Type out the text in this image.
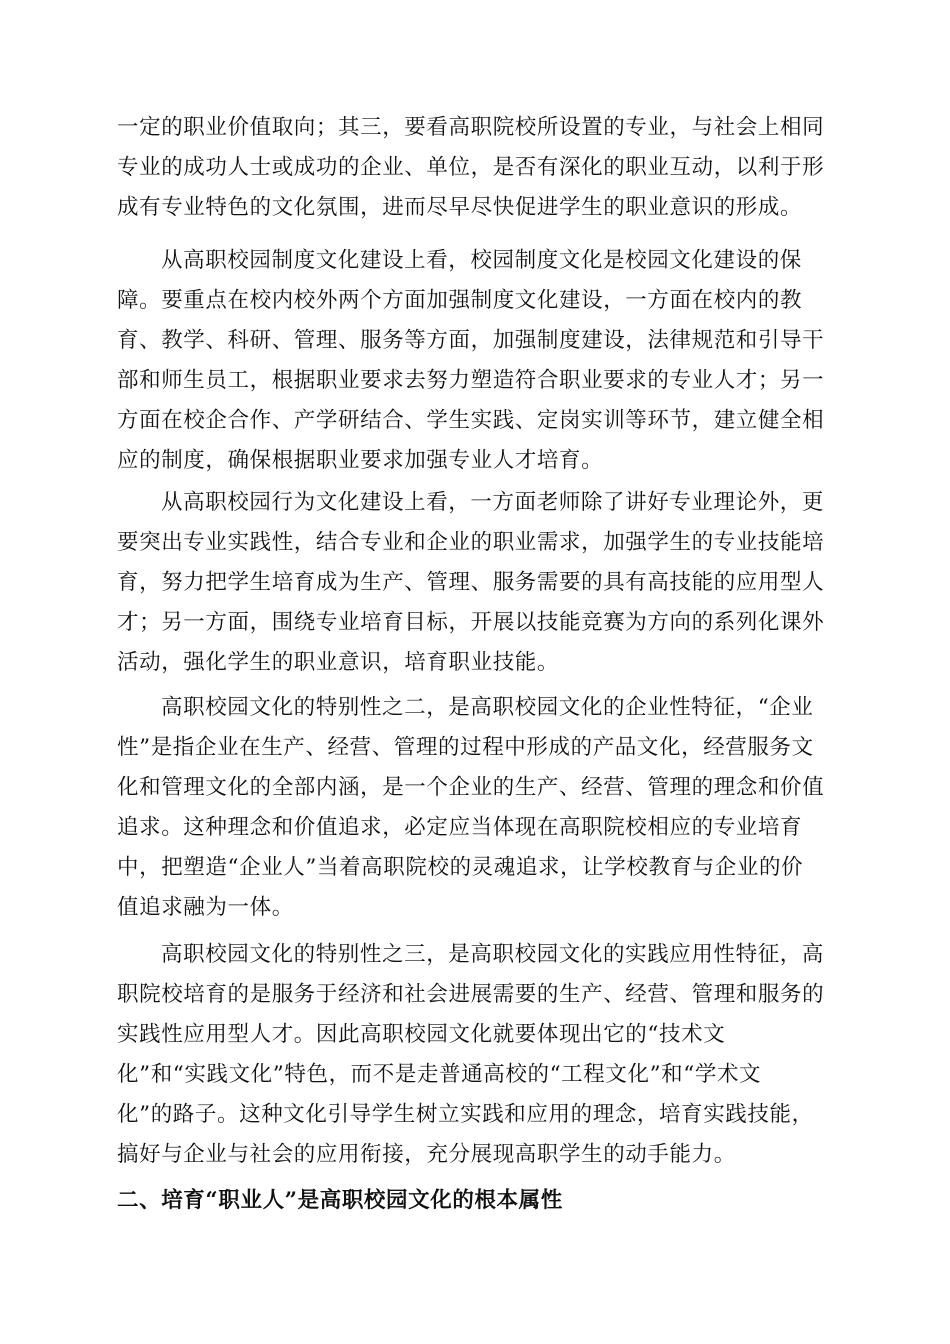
一定的职业价值取向；其三，要看高职院校所设置的专业，与社会上相同
专业的成功人士或成功的企业、单位，是否有深化的职业互动，以利于形
成有专业特色的文化氛围，进而尽早尽快促进学生的职业意识的形成。
从高职校园制度文化建设上看，校园制度文化是校园文化建设的保
障。要重点在校内校外两个方面加强制度文化建设，一方面在校内的教
育、教学、科研、管理、服务等方面，加强制度建设，法律规范和引导干
部和师生员工，根据职业要求去努力塑造符合职业要求的专业人才；另一
方面在校企合作、产学研结合、学生实践、定岗实训等环节，建立健全相
应的制度，确保根据职业要求加强专业人才培育。
从高职校园行为文化建设上看，一方面老师除了讲好专业理论外，更
要突出专业实践性，结合专业和企业的职业需求，加强学生的专业技能培
育，努力把学生培育成为生产、管理、服务需要的具有高技能的应用型人
才；另一方面，围绕专业培育目标，开展以技能竞赛为方向的系列化课外
活动，强化学生的职业意识，培育职业技能。
高职校园文化的特别性之二，是高职校园文化的企业性特征，“企业
性”是指企业在生产、经营、管理的过程中形成的产品文化，经营服务文
化和管理文化的全部内涵，是一个企业的生产、经营、管理的理念和价值
追求。这种理念和价值追求，必定应当体现在高职院校相应的专业培育
中，把塑造“企业人”当着高职院校的灵魂追求，让学校教育与企业的价
值追求融为一体。
高职校园文化的特别性之三，是高职校园文化的实践应用性特征，高
职院校培育的是服务于经济和社会进展需要的生产、经营、管理和服务的
实践性应用型人才。因此高职校园文化就要体现出它的“技术文
化”和“实践文化”特色，而不是走普通高校的“工程文化”和“学术文
化”的路子。这种文化引导学生树立实践和应用的理念，培育实践技能，
搞好与企业与社会的应用衔接，充分展现高职学生的动手能力。
二、培育“职业人”是高职校园文化的根本属性
